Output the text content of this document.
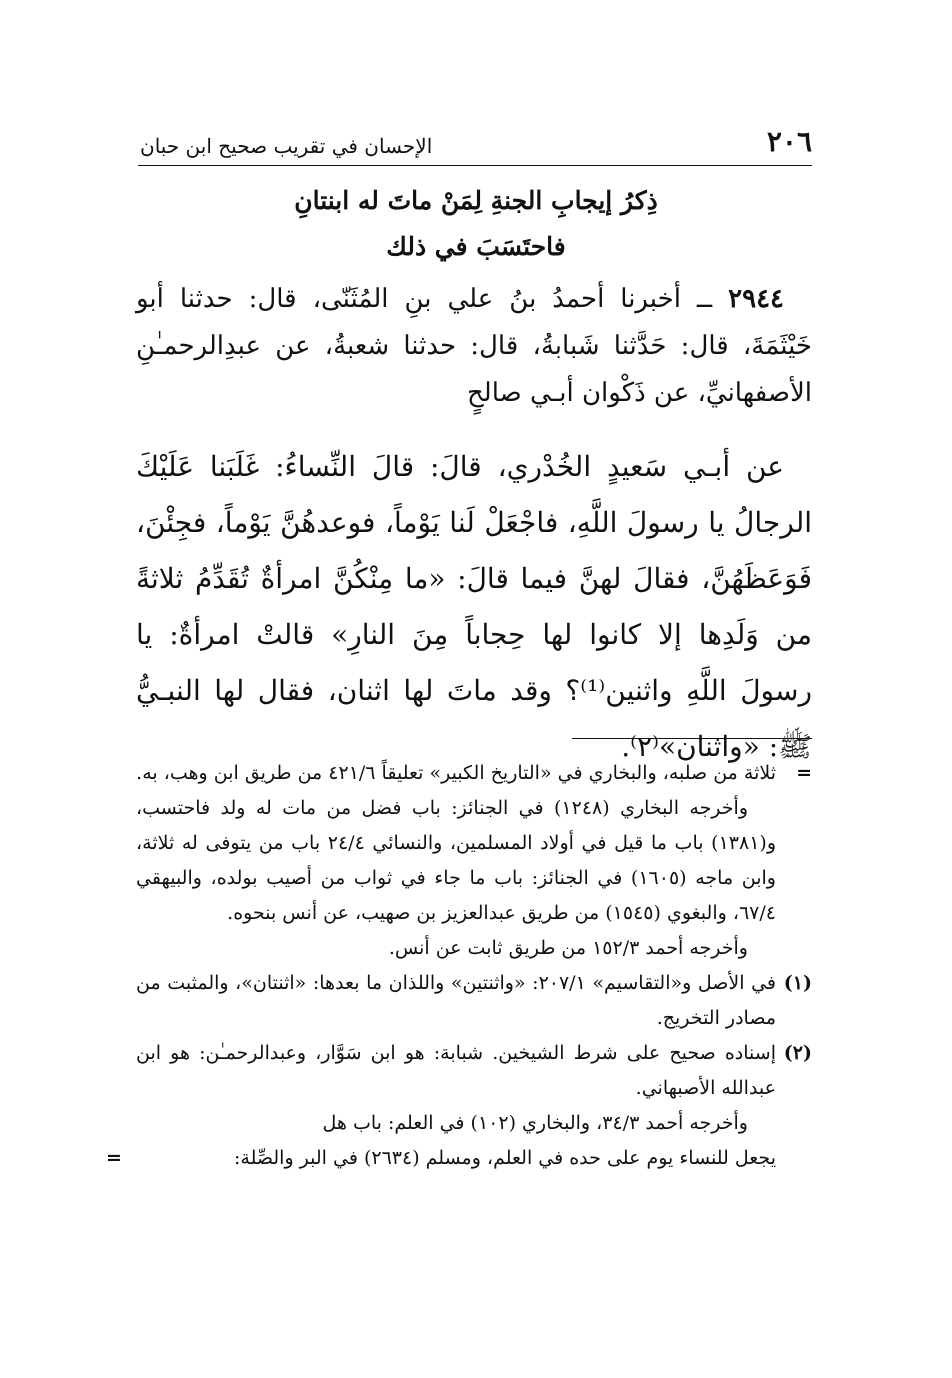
٢٠٦
الإحسان في تقريب صحيح ابن حبان
ذِكرُ إيجابِ الجنةِ لِمَنْ ماتَ له ابنتانِ
فاحتَسَبَ في ذلك

٢٩٤٤ ــ أخبرنا أحمدُ بنُ علي بنِ المُثَنّى، قال: حدثنا أبو خَيْثَمَةَ، قال: حَدَّثنا شَبابةُ، قال: حدثنا شعبةُ، عن عبدِالرحمـٰنِ الأصفهانيِّ، عن ذَكْوان أبـي صالحٍ

عن أبـي سَعيدٍ الخُدْري، قالَ: قالَ النِّساءُ: غَلَبَنا عَلَيْكَ الرجالُ يا رسولَ اللَّهِ، فاجْعَلْ لَنا يَوْماً، فوعدهُنَّ يَوْماً، فجِئْنَ، فَوَعَظَهُنَّ، فقالَ لهنَّ فيما قالَ: «ما مِنْكُنَّ امرأةٌ تُقَدِّمُ ثلاثةً من وَلَدِها إلا كانوا لها حِجاباً مِنَ النارِ» قالتْ امرأةٌ: يا رسولَ اللَّهِ واثنين⁽¹⁾؟ وقد ماتَ لها اثنان، فقال لها النبـيُّ ﷺ: «واثنان»⁽٢⁾.

=
ثلاثة من صلبه، والبخاري في «التاريخ الكبير» تعليقاً ٤٢١/٦ من طريق ابن وهب، به.

وأخرجه البخاري (١٢٤٨) في الجنائز: باب فضل من مات له ولد فاحتسب، و(١٣٨١) باب ما قيل في أولاد المسلمين، والنسائي ٢٤/٤ باب من يتوفى له ثلاثة، وابن ماجه (١٦٠٥) في الجنائز: باب ما جاء في ثواب من أصيب بولده، والبيهقي ٦٧/٤، والبغوي (١٥٤٥) من طريق عبدالعزيز بن صهيب، عن أنس بنحوه.

وأخرجه أحمد ١٥٢/٣ من طريق ثابت عن أنس.

(١)
في الأصل و«التقاسيم» ٢٠٧/١: «واثنتين» واللذان ما بعدها: «اثنتان»، والمثبت من مصادر التخريج.
(٢)
إسناده صحيح على شرط الشيخين. شبابة: هو ابن سَوَّار، وعبدالرحمـٰن: هو ابن عبدالله الأصبهاني.

وأخرجه أحمد ٣٤/٣، والبخاري (١٠٢) في العلم: باب هل

يجعل للنساء يوم على حده في العلم، ومسلم (٢٦٣٤) في البر والصِّلة:
=
